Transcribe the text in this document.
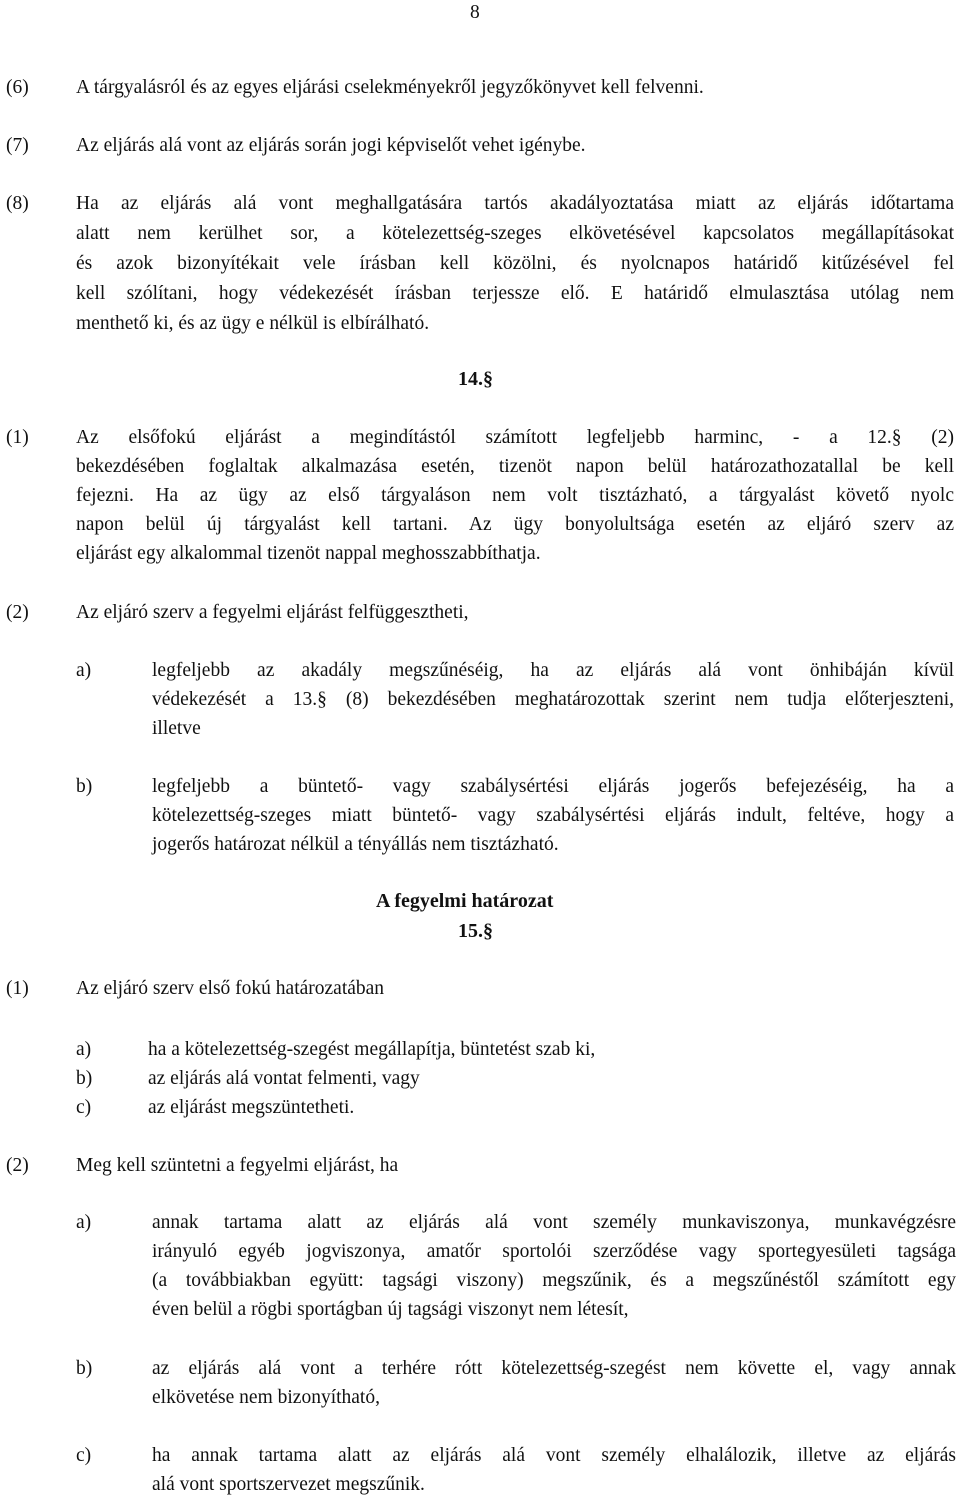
8
(6) A tárgyalásról és az egyes eljárási cselekményekről jegyzőkönyvet kell felvenni.
(7) Az eljárás alá vont az eljárás során jogi képviselőt vehet igénybe.
(8) Ha az eljárás alá vont meghallgatására tartós akadályoztatása miatt az eljárás időtartama
alatt nem kerülhet sor, a kötelezettség-szeges elkövetésével kapcsolatos megállapításokat
és azok bizonyítékait vele írásban kell közölni, és nyolcnapos határidő kitűzésével fel
kell szólítani, hogy védekezését írásban terjessze elő. E határidő elmulasztása utólag nem
menthető ki, és az ügy e nélkül is elbírálható.
14.§
(1) Az elsőfokú eljárást a megindítástól számított legfeljebb harminc, - a 12.§ (2)
bekezdésében foglaltak alkalmazása esetén, tizenöt napon belül határozathozatallal be kell
fejezni. Ha az ügy az első tárgyaláson nem volt tisztázható, a tárgyalást követő nyolc
napon belül új tárgyalást kell tartani. Az ügy bonyolultsága esetén az eljáró szerv az
eljárást egy alkalommal tizenöt nappal meghosszabbíthatja.
(2) Az eljáró szerv a fegyelmi eljárást felfüggesztheti,
a)	legfeljebb az akadály megszűnéséig, ha az eljárás alá vont önhibáján kívül
védekezését a 13.§ (8) bekezdésében meghatározottak szerint nem tudja előterjeszteni,
illetve
b)	legfeljebb a büntető- vagy szabálysértési eljárás jogerős befejezéséig, ha a
kötelezettség-szeges miatt büntető- vagy szabálysértési eljárás indult, feltéve, hogy a
jogerős határozat nélkül a tényállás nem tisztázható.
A fegyelmi határozat
15.§
(1) Az eljáró szerv első fokú határozatában
a)	ha a kötelezettség-szegést megállapítja, büntetést szab ki,
b)	az eljárás alá vontat felmenti, vagy
c)	az eljárást megszüntetheti.
(2) Meg kell szüntetni a fegyelmi eljárást, ha
a)	annak tartama alatt az eljárás alá vont személy munkaviszonya, munkavégzésre
irányuló egyéb jogviszonya, amatőr sportolói szerződése vagy sportegyesületi tagsága
(a továbbiakban együtt: tagsági viszony) megszűnik, és a megszűnéstől számított egy
éven belül a rögbi sportágban új tagsági viszonyt nem létesít,
b)	az eljárás alá vont a terhére rótt kötelezettség-szegést nem követte el, vagy annak
elkövetése nem bizonyítható,
c)	ha annak tartama alatt az eljárás alá vont személy elhalálozik, illetve az eljárás
alá vont sportszervezet megszűnik.
